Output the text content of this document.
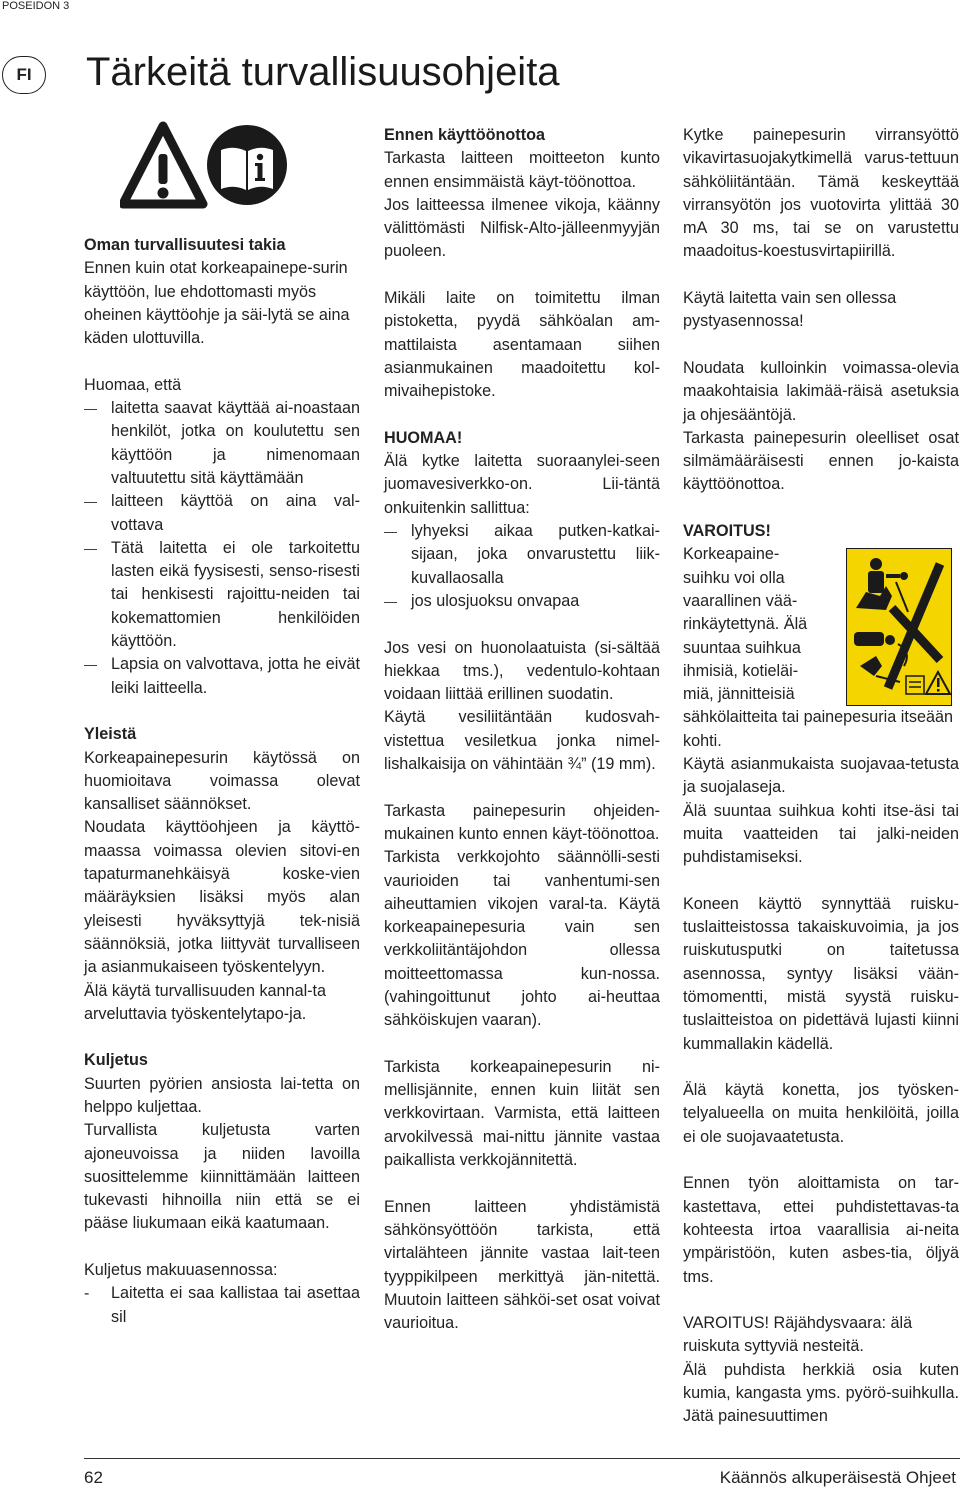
POSEIDON 3
FI	Tärkeitä turvallisuusohjeita

Oman turvallisuutesi takia
Ennen kuin otat korkeapainepe-surin käyttöön, lue ehdottomasti myös oheinen käyttöohje ja säi-lytä se aina käden ulottuvilla.

Huomaa, että

— laitetta saavat käyttää ai-noastaan henkilöt, jotka on koulutettu sen käyttöön ja nimenomaan valtuutettu sitä käyttämään
— laitteen käyttöä on aina val-vottava
— Tätä laitetta ei ole tarkoitettu lasten eikä fyysisesti, senso-risesti tai henkisesti rajoittu-neiden tai kokemattomien henkilöiden käyttöön.
— Lapsia on valvottava, jotta he eivät leiki laitteella.

Yleistä
Korkeapainepesurin käytössä on huomioitava voimassa olevat kansalliset säännökset.

Noudata käyttöohjeen ja käyttö-maassa voimassa olevien sitovi-en tapaturmanehkäisyä koske-vien määräyksien lisäksi myös alan yleisesti hyväksyttyjä tek-nisiä säännöksiä, jotka liittyvät turvalliseen ja asianmukaiseen työskentelyyn.

Älä käytä turvallisuuden kannal-ta arveluttavia työskentelytapo-ja.

Kuljetus
Suurten pyörien ansiosta lai-tetta on helppo kuljettaa.

Turvallista kuljetusta varten ajoneuvoissa ja niiden lavoilla suosittelemme kiinnittämään laitteen tukevasti hihnoilla niin että se ei pääse liukumaan eikä kaatumaan.

Kuljetus makuuasennossa:

- Laitetta ei saa kallistaa tai asettaa sil

Ennen käyttöönottoa
Tarkasta laitteen moitteeton kunto ennen ensimmäistä käyt-töönottoa.

Jos laitteessa ilmenee vikoja, käänny välittömästi Nilfisk-Alto-jälleenmyyjän puoleen.

Mikäli laite on toimitettu ilman pistoketta, pyydä sähköalan am-mattilaista asentamaan siihen asianmukainen maadoitettu kol-mivaihepistoke.

HUOMAA!
Älä kytke laitetta suoraanylei-seen juomavesiverkko-on. Lii-täntä onkuitenkin sallittua:

— lyhyeksi aikaa putken-katkai-sijaan, joka onvarustettu liik-kuvallaosalla
— jos ulosjuoksu onvapaa

Jos vesi on huonolaatuista (si-sältää hiekkaa tms.), vedentulo-kohtaan voidaan liittää erillinen suodatin.

Käytä vesiliitäntään kudosvah-vistettua vesiletkua jonka nimel-lishalkaisija on vähintään ¾” (19 mm).

Tarkasta painepesurin ohjeiden-mukainen kunto ennen käyt-töönottoa.

Tarkista verkkojohto säännölli-sesti vaurioiden tai vanhentumi-sen aiheuttamien vikojen varal-ta. Käytä korkeapainepesuria vain sen verkkoliitäntäjohdon ollessa moitteettomassa kun-nossa. (vahingoittunut johto ai-heuttaa sähköiskujen vaaran).

Tarkista korkeapainepesurin ni-mellisjännite, ennen kuin liität sen verkkovirtaan. Varmista, että laitteen arvokilvessä mai-nittu jännite vastaa paikallista verkkojännitettä.

Ennen laitteen yhdistämistä sähkönsyöttöön tarkista, että virtalähteen jännite vastaa lait-teen tyyppikilpeen merkittyä jän-nitettä. Muutoin laitteen sähköi-set osat voivat vaurioitua.

Kytke painepesurin virransyöttö vikavirtasuojakytkimellä varus-tettuun sähköliitäntään. Tämä keskeyttää virransyötön jos vuotovirta ylittää 30 mA 30 ms, tai se on varustettu maadoitus-koestusvirtapiirillä.

Käytä laitetta vain sen ollessa pystyasennossa!

Noudata kulloinkin voimassa-olevia maakohtaisia lakimää-räisä asetuksia ja ohjesääntöjä.

Tarkasta painepesurin oleelliset osat silmämääräisesti ennen jo-kaista käyttöönottoa.

VAROITUS!
Korkeapaine-
suihku voi olla
vaarallinen vää-
rinkäytettynä. Älä
suuntaa suihkua
ihmisiä, kotieläi-
miä, jännitteisiä
sähkölaitteita tai painepesuria itseään kohti.

Käytä asianmukaista suojavaa-tetusta ja suojalaseja.

Älä suuntaa suihkua kohti itse-äsi tai muita vaatteiden tai jalki-neiden puhdistamiseksi.

Koneen käyttö synnyttää ruisku-tuslaitteistossa takaiskuvoimia, ja jos ruiskutusputki on taitetussa asennossa, syntyy lisäksi vään-tömomentti, mistä syystä ruisku-tuslaitteistoa on pidettävä lujasti kiinni kummallakin kädellä.

Älä käytä konetta, jos työsken-telyalueella on muita henkilöitä, joilla ei ole suojavaatetusta.

Ennen työn aloittamista on tar-kastettava, ettei puhdistettavas-ta kohteesta irtoa vaarallisia ai-neita ympäristöön, kuten asbes-tia, öljyä tms.

VAROITUS! Räjähdysvaara: älä ruiskuta syttyviä nesteitä.

Älä puhdista herkkiä osia kuten kumia, kangasta yms. pyörö-suihkulla. Jätä painesuuttimen

62	Käännös alkuperäisestä Ohjeet
